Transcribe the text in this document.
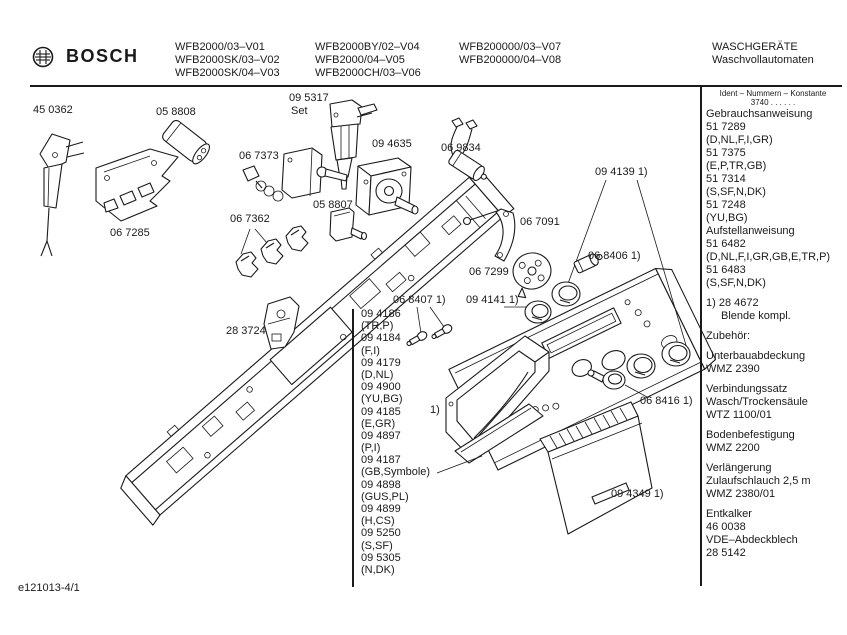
BOSCH	WFB2000/03–V01
WFB2000SK/03–V02
WFB2000SK/04–V03
WFB2000BY/02–V04
WFB2000/04–V05
WFB2000CH/03–V06
WFB200000/03–V07
WFB200000/04–V08
WASCHGERÄTE
Waschvollautomaten
Ident – Nummern – Konstante
3740 . . . . . .
Gebrauchsanweisung
51 7289
(D,NL,F,I,GR)
51 7375
(E,P,TR,GB)
51 7314
(S,SF,N,DK)
51 7248
(YU,BG)
Aufstellanweisung
51 6482
(D,NL,F,I,GR,GB,E,TR,P)
51 6483
(S,SF,N,DK)
1) 28 4672
Blende kompl.
Zubehör:
Unterbauabdeckung
WMZ 2390
Verbindungssatz
Wasch/Trockensäule
WTZ 1100/01
Bodenbefestigung
WMZ 2200
Verlängerung
Zulaufschlauch 2,5 m
WMZ 2380/01
Entkalker
46 0038
VDE–Abdeckblech
28 5142
09 4186
(TR,P)
09 4184
(F,I)
09 4179
(D,NL)
09 4900
(YU,BG)
09 4185
(E,GR)
09 4897
(P,I)
09 4187
(GB,Symbole)
09 4898
(GUS,PL)
09 4899
(H,CS)
09 5250
(S,SF)
09 5305
(N,DK)
45 0362	05 8808
09 5317
Set
06 7373
09 4635	06 9834
05 8807
06 7362
06 7285
09 4139 1)
06 7091
06 8406 1)
06 7299
06 8407 1) 09 4141 1)
28 3724
1)
06 8416 1)
09 4349 1)
e121013-4/1
